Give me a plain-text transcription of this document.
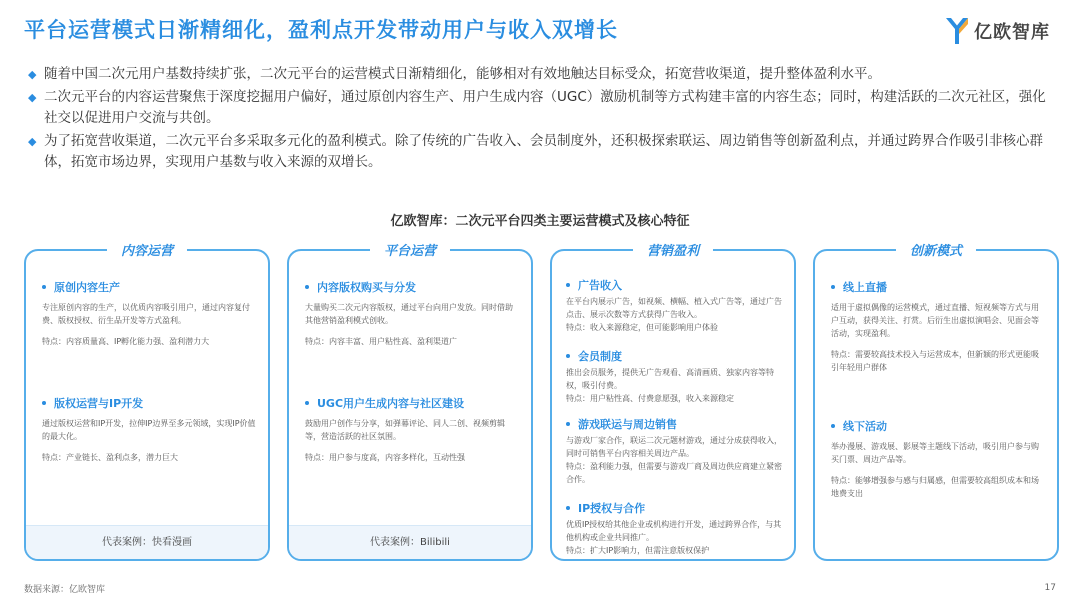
平台运营模式日渐精细化，盈利点开发带动用户与收入双增长	亿欧智库
◆ 随着中国二次元用户基数持续扩张，二次元平台的运营模式日渐精细化，能够相对有效地触达目标受众，拓宽营收渠道，提升整体盈利水平。
◆ 二次元平台的内容运营聚焦于深度挖掘用户偏好，通过原创内容生产、用户生成内容（UGC）激励机制等方式构建丰富的内容生态；同时，构建活跃的二次元社区，强化社交以促进用户交流与共创。
◆ 为了拓宽营收渠道，二次元平台多采取多元化的盈利模式。除了传统的广告收入、会员制度外，还积极探索联运、周边销售等创新盈利点，并通过跨界合作吸引非核心群体，拓宽市场边界，实现用户基数与收入来源的双增长。
亿欧智库：二次元平台四类主要运营模式及核心特征
内容运营
原创内容生产
专注原创内容的生产，以优质内容吸引用户，通过内容复付费、版权授权、衍生品开发等方式盈利。
特点：内容质量高、IP孵化能力强、盈利潜力大
版权运营与IP开发
通过版权运营和IP开发，拉伸IP边界至多元领域，实现IP价值的最大化。
特点：产业链长、盈利点多，潜力巨大
代表案例：快看漫画
平台运营
内容版权购买与分发
大量购买二次元内容版权，通过平台向用户发放。同时借助其他营销盈利模式创收。
特点：内容丰富、用户粘性高、盈利渠道广
UGC用户生成内容与社区建设
鼓励用户创作与分享，如弹幕评论、同人二创、视频剪辑等，营造活跃的社区氛围。
特点：用户参与度高，内容多样化，互动性强
代表案例：Bilibili
营销盈利
广告收入
在平台内展示广告，如视频、横幅、植入式广告等，通过广告点击、展示次数等方式获得广告收入。
特点：收入来源稳定，但可能影响用户体验
会员制度
推出会员服务，提供无广告观看、高清画质、独家内容等特权，吸引付费。
特点：用户粘性高、付费意愿强，收入来源稳定
游戏联运与周边销售
与游戏厂家合作，联运二次元题材游戏，通过分成获得收入，同时可销售平台内容相关周边产品。
特点：盈利能力强，但需要与游戏厂商及周边供应商建立紧密合作。
IP授权与合作
优质IP授权给其他企业或机构进行开发，通过跨界合作，与其他机构或企业共同推广。
特点：扩大IP影响力，但需注意版权保护
创新模式
线上直播
适用于虚拟偶像的运营模式，通过直播、短视频等方式与用户互动，获得关注、打赏。后衍生出虚拟演唱会、见面会等活动，实现盈利。
特点：需要较高技术投入与运营成本，但新颖的形式更能吸引年轻用户群体
线下活动
举办漫展、游戏展、影展等主题线下活动，吸引用户参与购买门票、周边产品等。
特点：能够增强参与感与归属感，但需要较高组织成本和场地费支出
数据来源：亿欧智库	17
